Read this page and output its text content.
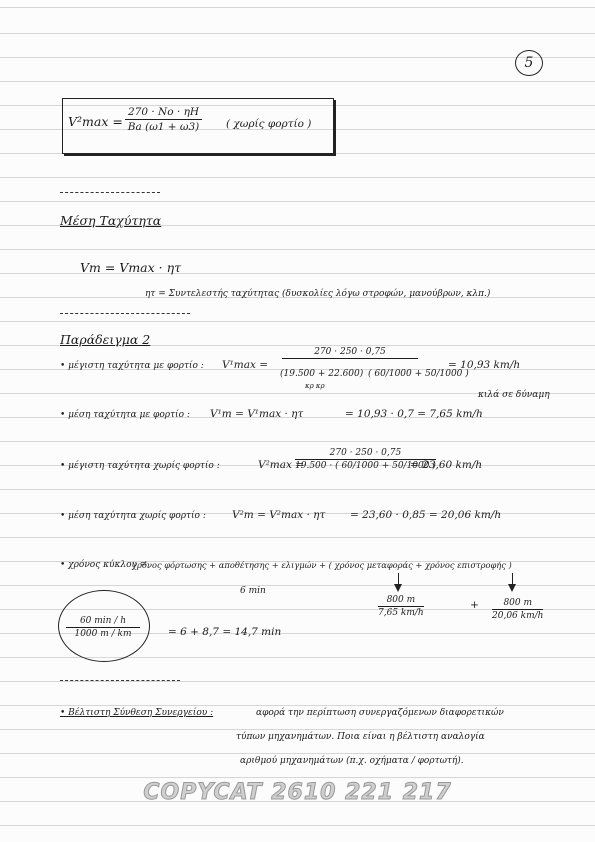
5
$V^2\max = \frac{270 \cdot No \cdot \eta H}{Ba (\omega 1 + \omega 3)}$ ( χωρίς φορτίο )
Μέση Ταχύτητα
Vm = Vmax · ητ
ητ = Συντελεστής ταχύτητας (δυσκολίες λόγω στροφών, μανούβρων, κλπ.)
Παράδειγμα 2
• μέγιστη ταχύτητα με φορτίο : V¹max =
270 · 250 · 0,75
(19.500 + 22.600)
κρ κρ
( 60/1000 + 50/1000 )
= 10,93 km/h
κιλά σε δύναμη
• μέση ταχύτητα με φορτίο : V¹m = V¹max · ητ	= 10,93 · 0,7 = 7,65 km/h
• μέγιστη ταχύτητα χωρίς φορτίο :	V²max =
$\frac{270 \cdot 250 \cdot 0,75}{19.500 \cdot ( 60/1000 + 50/1000 )}$
= 23,60 km/h
• μέση ταχύτητα χωρίς φορτίο : V²m = V²max · ητ = 23,60 · 0,85 = 20,06 km/h
• χρόνος κύκλου =
χρόνος φόρτωσης + αποθέτησης + ελιγμών + ( χρόνος μεταφοράς + χρόνος επιστροφής )
6 min
$\frac{800 m}{7,65 km/h}$	+ $\frac{800 m}{20,06 km/h}$
60 min / h
1000 m / km	= 6 + 8,7 = 14,7 min
• Βέλτιστη Σύνθεση Συνεργείου :	αφορά την περίπτωση συνεργαζόμενων διαφορετικών
τύπων μηχανημάτων. Ποια είναι η βέλτιστη αναλογία
αριθμού μηχανημάτων (π.χ. οχήματα / φορτωτή).
COPYCAT 2610 221 217
